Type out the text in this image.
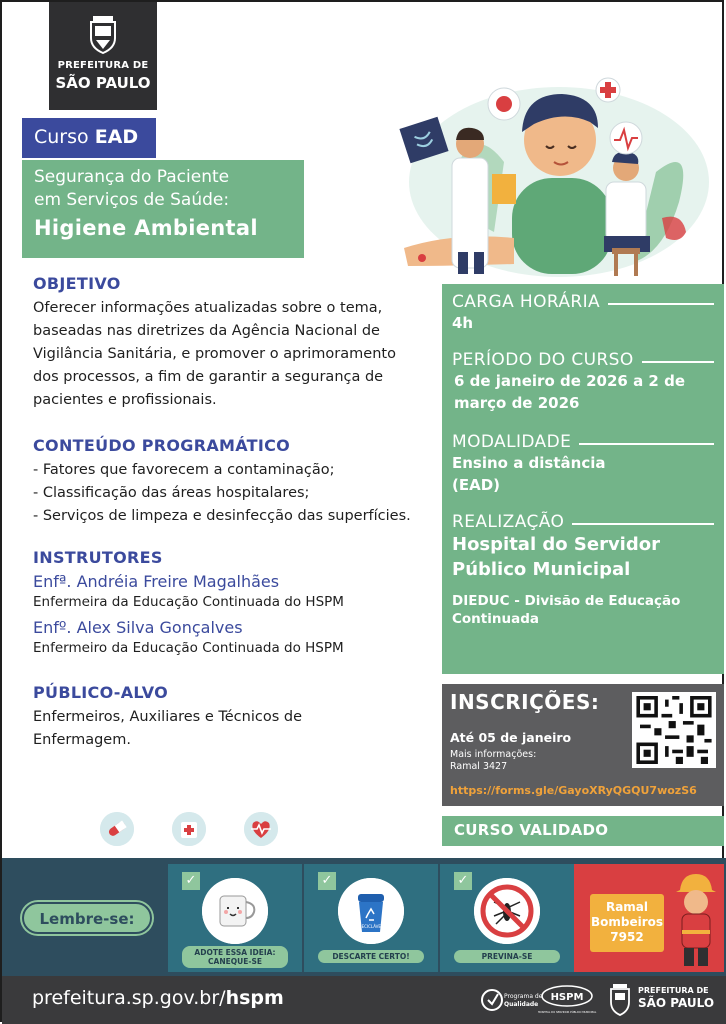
PREFEITURA DE
SÃO PAULO
Curso EAD
Segurança do Paciente
em Serviços de Saúde:
Higiene Ambiental
OBJETIVO
Oferecer informações atualizadas sobre o tema, baseadas nas diretrizes da Agência Nacional de Vigilância Sanitária, e promover o aprimoramento dos processos, a fim de garantir a segurança de pacientes e profissionais.
CONTEÚDO PROGRAMÁTICO
- Fatores que favorecem a contaminação;
- Classificação das áreas hospitalares;
- Serviços de limpeza e desinfecção das superfícies.
INSTRUTORES
Enfª. Andréia Freire Magalhães
Enfermeira da Educação Continuada do HSPM
Enfº. Alex Silva Gonçalves
Enfermeiro da Educação Continuada do HSPM
PÚBLICO-ALVO
Enfermeiros, Auxiliares e Técnicos de Enfermagem.
CARGA HORÁRIA
4h
PERÍODO DO CURSO
6 de janeiro de 2026 a 2 de março de 2026
MODALIDADE
Ensino a distância
(EAD)
REALIZAÇÃO
Hospital do Servidor
Público Municipal
DIEDUC - Divisão de Educação
Continuada
INSCRIÇÕES:
Até 05 de janeiro
Mais informações:
Ramal 3427
https://forms.gle/GayoXRyQGQU7wozS6
CURSO VALIDADO
Lembre-se:
✓
ADOTE ESSA IDEIA:
CANEQUE-SE
✓
RECICLÁVEL
DESCARTE CERTO!
✓
PREVINA-SE
Ramal
Bombeiros
7952
prefeitura.sp.gov.br/hspm	Programa de
Qualidade
HSPM
HOSPITAL DO SERVIDOR PÚBLICO MUNICIPAL
PREFEITURA DE
SÃO PAULO
